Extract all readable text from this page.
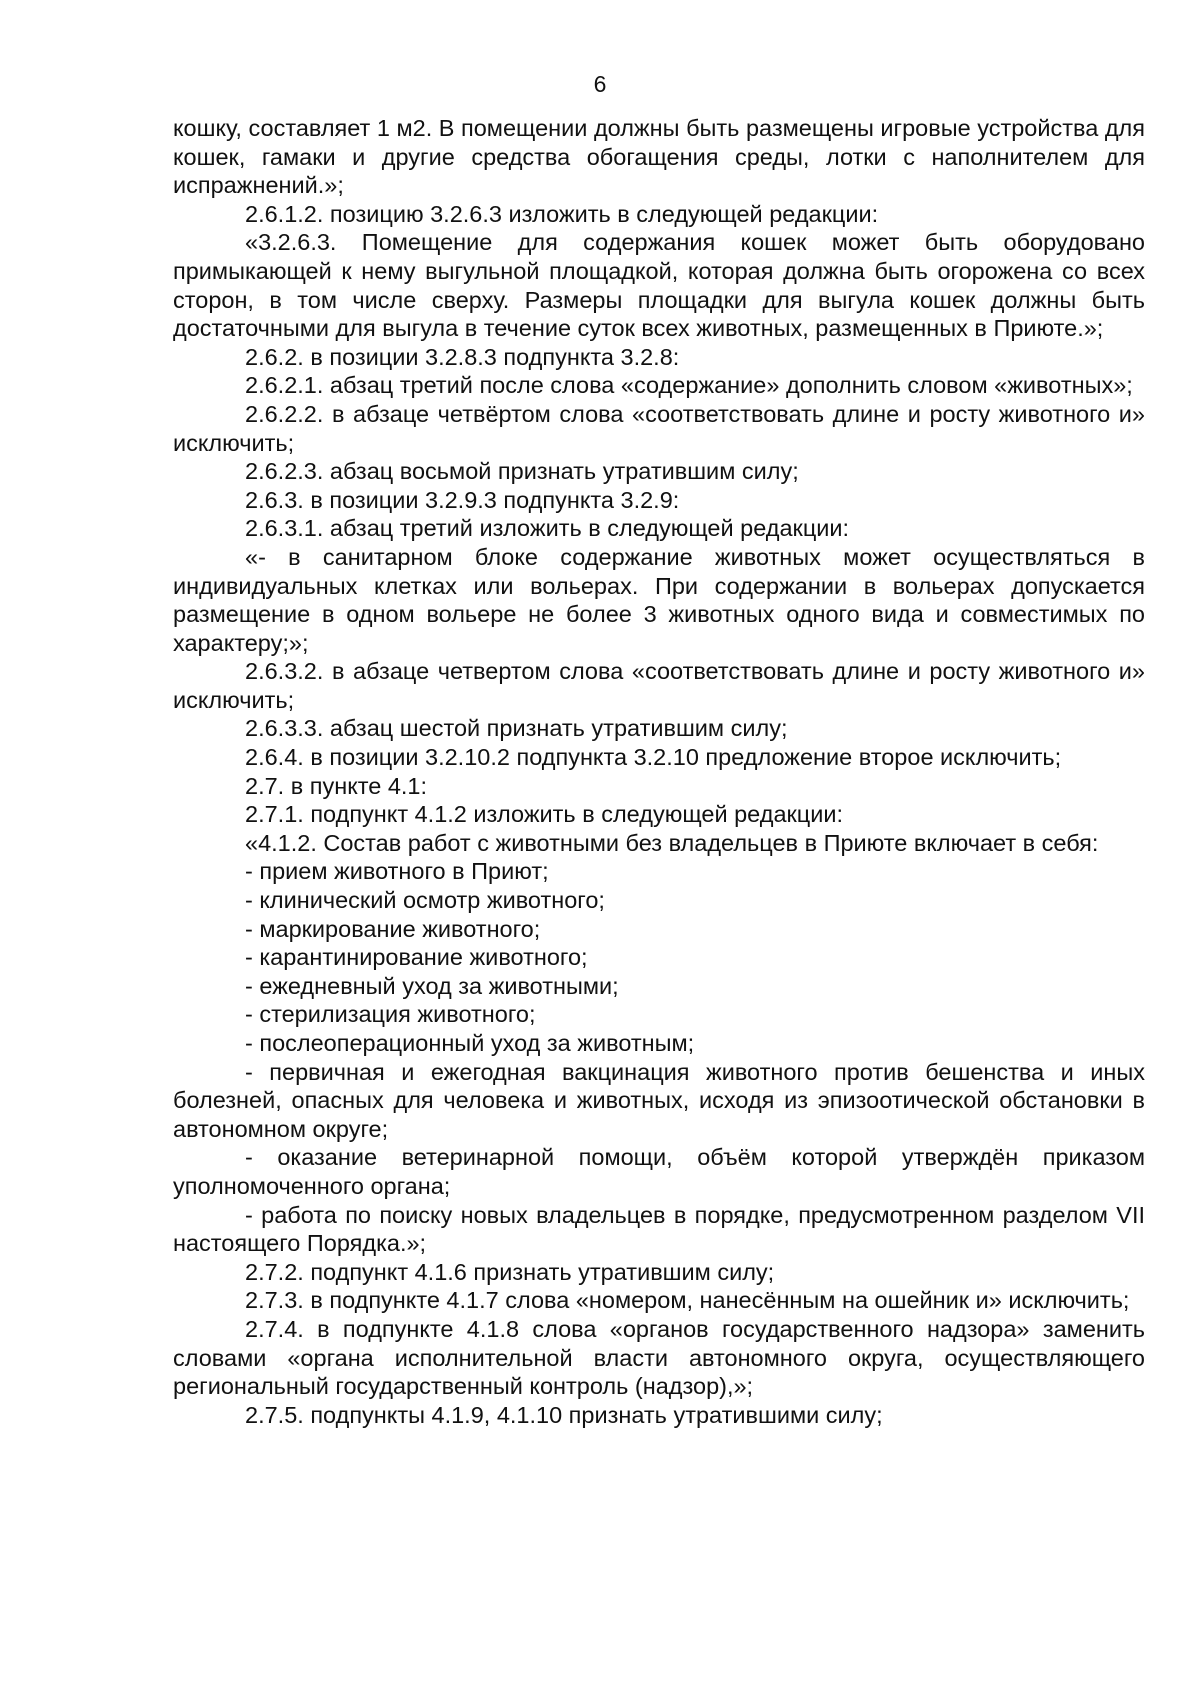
6

кошку, составляет 1 м2. В помещении должны быть размещены игровые устройства для кошек, гамаки и другие средства обогащения среды, лотки с наполнителем для испражнений.»;

2.6.1.2. позицию 3.2.6.3 изложить в следующей редакции:

«3.2.6.3. Помещение для содержания кошек может быть оборудовано примыкающей к нему выгульной площадкой, которая должна быть огорожена со всех сторон, в том числе сверху. Размеры площадки для выгула кошек должны быть достаточными для выгула в течение суток всех животных, размещенных в Приюте.»;

2.6.2. в позиции 3.2.8.3 подпункта 3.2.8:

2.6.2.1. абзац третий после слова «содержание» дополнить словом «животных»;

2.6.2.2. в абзаце четвёртом слова «соответствовать длине и росту животного и» исключить;

2.6.2.3. абзац восьмой признать утратившим силу;

2.6.3. в позиции 3.2.9.3 подпункта 3.2.9:

2.6.3.1. абзац третий изложить в следующей редакции:

«- в санитарном блоке содержание животных может осуществляться в индивидуальных клетках или вольерах. При содержании в вольерах допускается размещение в одном вольере не более 3 животных одного вида и совместимых по характеру;»;

2.6.3.2. в абзаце четвертом слова «соответствовать длине и росту животного и» исключить;

2.6.3.3. абзац шестой признать утратившим силу;

2.6.4. в позиции 3.2.10.2 подпункта 3.2.10 предложение второе исключить;

2.7. в пункте 4.1:

2.7.1. подпункт 4.1.2 изложить в следующей редакции:

«4.1.2. Состав работ с животными без владельцев в Приюте включает в себя:

- прием животного в Приют;

- клинический осмотр животного;

- маркирование животного;

- карантинирование животного;

- ежедневный уход за животными;

- стерилизация животного;

- послеоперационный уход за животным;

- первичная и ежегодная вакцинация животного против бешенства и иных болезней, опасных для человека и животных, исходя из эпизоотической обстановки в автономном округе;

- оказание ветеринарной помощи, объём которой утверждён приказом уполномоченного органа;

- работа по поиску новых владельцев в порядке, предусмотренном разделом VII настоящего Порядка.»;

2.7.2. подпункт 4.1.6 признать утратившим силу;

2.7.3. в подпункте 4.1.7 слова «номером, нанесённым на ошейник и» исключить;

2.7.4. в подпункте 4.1.8 слова «органов государственного надзора» заменить словами «органа исполнительной власти автономного округа, осуществляющего региональный государственный контроль (надзор),»;

2.7.5. подпункты 4.1.9, 4.1.10 признать утратившими силу;
